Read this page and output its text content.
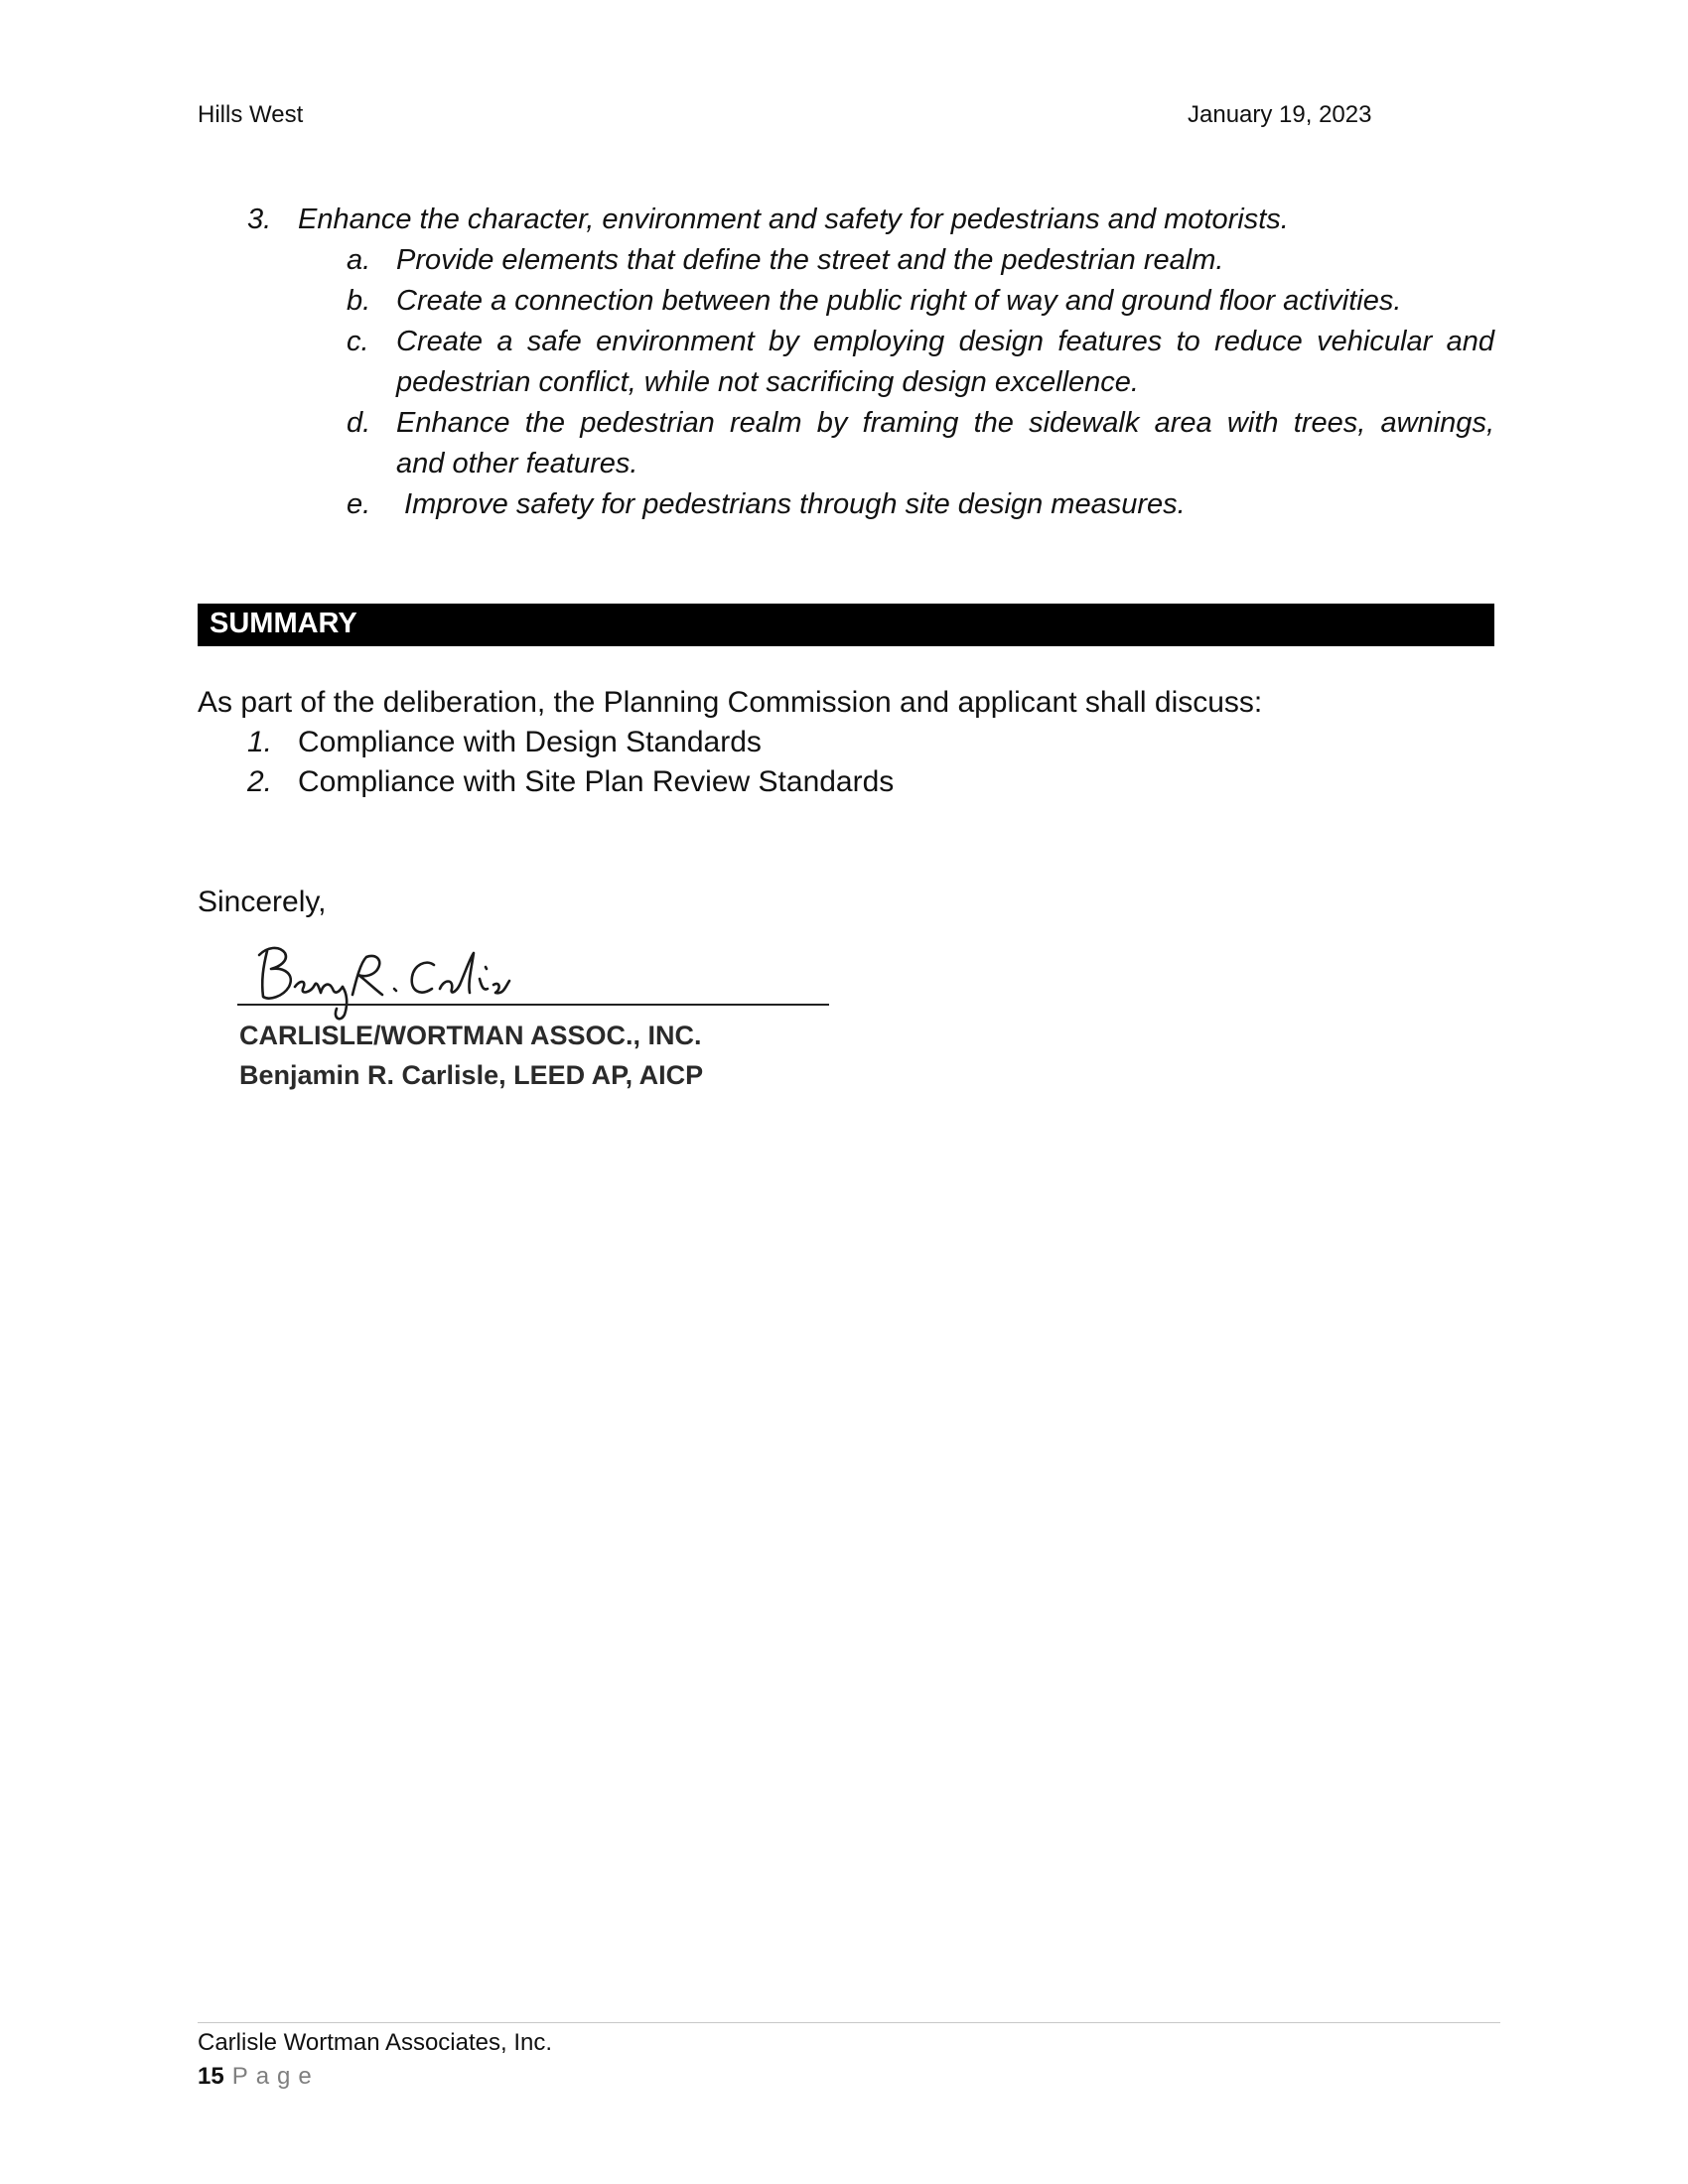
Hills West	January 19, 2023
3. Enhance the character, environment and safety for pedestrians and motorists.
a. Provide elements that define the street and the pedestrian realm.
b. Create a connection between the public right of way and ground floor activities.
c. Create a safe environment by employing design features to reduce vehicular and
pedestrian conflict, while not sacrificing design excellence.
d. Enhance the pedestrian realm by framing the sidewalk area with trees, awnings,
and other features.
e. Improve safety for pedestrians through site design measures.
SUMMARY
As part of the deliberation, the Planning Commission and applicant shall discuss:
1. Compliance with Design Standards
2. Compliance with Site Plan Review Standards
Sincerely,
CARLISLE/WORTMAN ASSOC., INC.
Benjamin R. Carlisle, LEED AP, AICP
Carlisle Wortman Associates, Inc.
15 Page
